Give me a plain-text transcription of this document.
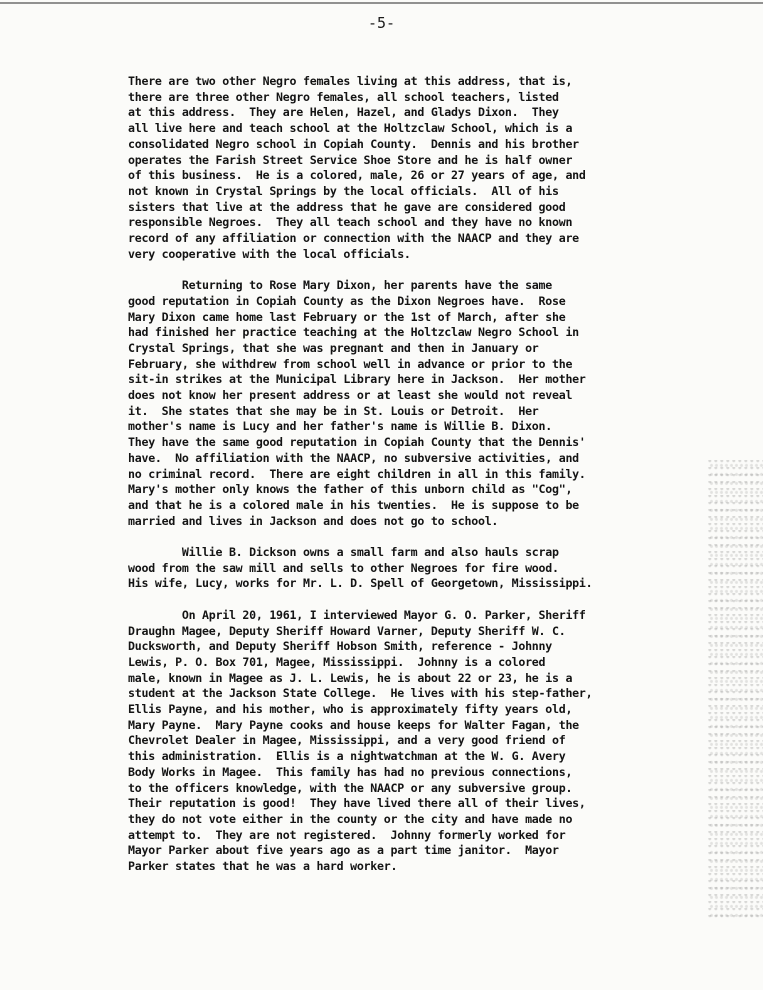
-5-

There are two other Negro females living at this address, that is,
there are three other Negro females, all school teachers, listed
at this address.  They are Helen, Hazel, and Gladys Dixon.  They
all live here and teach school at the Holtzclaw School, which is a
consolidated Negro school in Copiah County.  Dennis and his brother
operates the Farish Street Service Shoe Store and he is half owner
of this business.  He is a colored, male, 26 or 27 years of age, and
not known in Crystal Springs by the local officials.  All of his
sisters that live at the address that he gave are considered good
responsible Negroes.  They all teach school and they have no known
record of any affiliation or connection with the NAACP and they are
very cooperative with the local officials.

Returning to Rose Mary Dixon, her parents have the same
good reputation in Copiah County as the Dixon Negroes have.  Rose
Mary Dixon came home last February or the 1st of March, after she
had finished her practice teaching at the Holtzclaw Negro School in
Crystal Springs, that she was pregnant and then in January or
February, she withdrew from school well in advance or prior to the
sit-in strikes at the Municipal Library here in Jackson.  Her mother
does not know her present address or at least she would not reveal
it.  She states that she may be in St. Louis or Detroit.  Her
mother's name is Lucy and her father's name is Willie B. Dixon.
They have the same good reputation in Copiah County that the Dennis'
have.  No affiliation with the NAACP, no subversive activities, and
no criminal record.  There are eight children in all in this family.
Mary's mother only knows the father of this unborn child as "Cog",
and that he is a colored male in his twenties.  He is suppose to be
married and lives in Jackson and does not go to school.

Willie B. Dickson owns a small farm and also hauls scrap
wood from the saw mill and sells to other Negroes for fire wood.
His wife, Lucy, works for Mr. L. D. Spell of Georgetown, Mississippi.

On April 20, 1961, I interviewed Mayor G. O. Parker, Sheriff
Draughn Magee, Deputy Sheriff Howard Varner, Deputy Sheriff W. C.
Ducksworth, and Deputy Sheriff Hobson Smith, reference - Johnny
Lewis, P. O. Box 701, Magee, Mississippi.  Johnny is a colored
male, known in Magee as J. L. Lewis, he is about 22 or 23, he is a
student at the Jackson State College.  He lives with his step-father,
Ellis Payne, and his mother, who is approximately fifty years old,
Mary Payne.  Mary Payne cooks and house keeps for Walter Fagan, the
Chevrolet Dealer in Magee, Mississippi, and a very good friend of
this administration.  Ellis is a nightwatchman at the W. G. Avery
Body Works in Magee.  This family has had no previous connections,
to the officers knowledge, with the NAACP or any subversive group.
Their reputation is good!  They have lived there all of their lives,
they do not vote either in the county or the city and have made no
attempt to.  They are not registered.  Johnny formerly worked for
Mayor Parker about five years ago as a part time janitor.  Mayor
Parker states that he was a hard worker.
